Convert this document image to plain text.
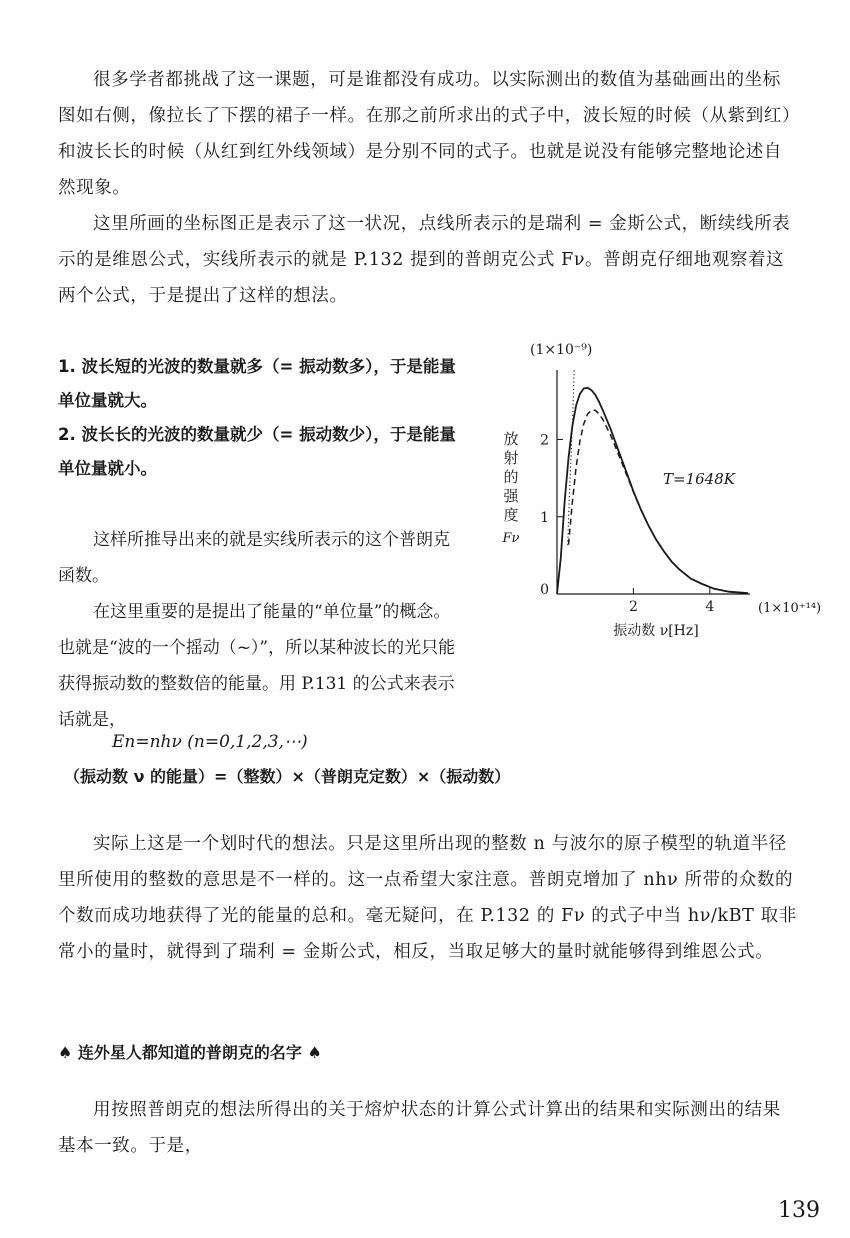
很多学者都挑战了这一课题，可是谁都没有成功。以实际测出的数值为基础画出的坐标图如右侧，像拉长了下摆的裙子一样。在那之前所求出的式子中，波长短的时候（从紫到红）和波长长的时候（从红到红外线领域）是分别不同的式子。也就是说没有能够完整地论述自然现象。

这里所画的坐标图正是表示了这一状况，点线所表示的是瑞利 = 金斯公式，断续线所表示的是维恩公式，实线所表示的就是 P.132 提到的普朗克公式 Fν。普朗克仔细地观察着这两个公式，于是提出了这样的想法。

1. 波长短的光波的数量就多（= 振动数多），于是能量单位量就大。

2. 波长长的光波的数量就少（= 振动数少），于是能量单位量就小。

这样所推导出来的就是实线所表示的这个普朗克函数。

在这里重要的是提出了能量的“单位量”的概念。也就是“波的一个摇动（~）”，所以某种波长的光只能获得振动数的整数倍的能量。用 P.131 的公式来表示话就是，

En=nhν (n=0,1,2,3,⋯)
（振动数 ν 的能量）=（整数）×（普朗克定数）×（振动数）

实际上这是一个划时代的想法。只是这里所出现的整数 n 与波尔的原子模型的轨道半径里所使用的整数的意思是不一样的。这一点希望大家注意。普朗克增加了 nhν 所带的众数的个数而成功地获得了光的能量的总和。毫无疑问，在 P.132 的 Fν 的式子中当 hν/kBT 取非常小的量时，就得到了瑞利 = 金斯公式，相反，当取足够大的量时就能够得到维恩公式。

♠ 连外星人都知道的普朗克的名字 ♠

用按照普朗克的想法所得出的关于熔炉状态的计算公式计算出的结果和实际测出的结果基本一致。于是，

139
(1×10⁻⁹)
(1×10⁺¹⁴)
振动数 ν[Hz]
放射的强度
Fν
T=1648K
2	4
0
1
2
